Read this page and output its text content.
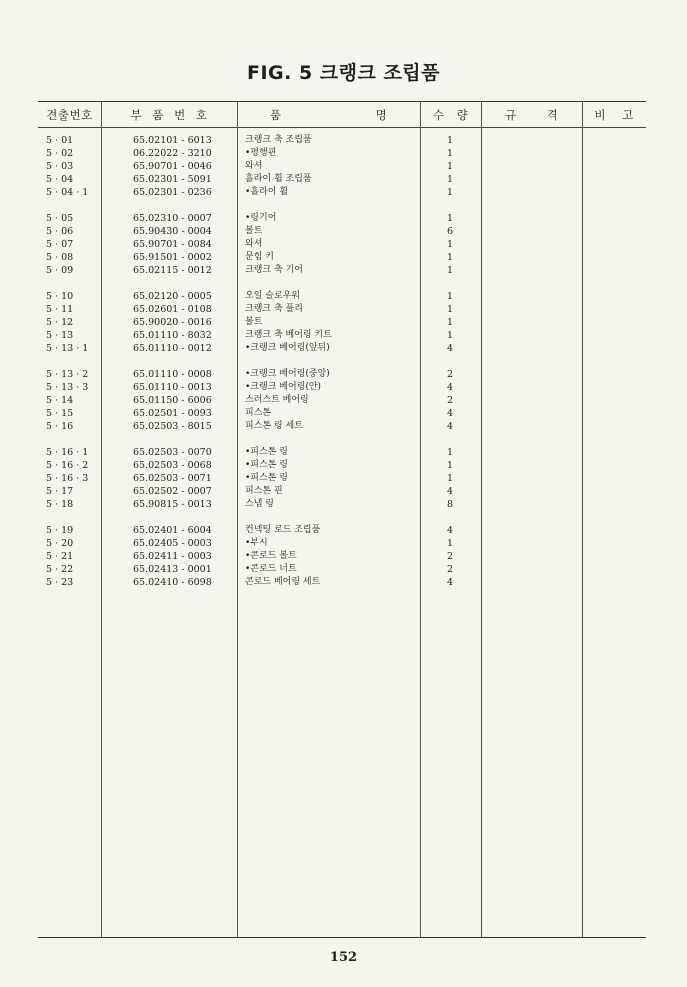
FIG. 5 크랭크 조립품
견출번호	부 품 번 호	품 명	수 량	규 격	비 고
5 · 01	65.02101 - 6013	크랭크 축 조립품	1
5 · 02	06.22022 - 3210	•평행핀	1
5 · 03	65.90701 - 0046	와셔	1
5 · 04	65.02301 - 5091	흘라이 휠 조립품	1
5 · 04 · 1	65.02301 - 0236	•흘라이 휠	1
5 · 05	65.02310 - 0007	•링기어	1
5 · 06	65.90430 - 0004	볼트	6
5 · 07	65.90701 - 0084	와셔	1
5 · 08	65.91501 - 0002	문힘 키	1
5 · 09	65.02115 - 0012	크랭크 축 기어	1
5 · 10	65.02120 - 0005	오일 슬로우워	1
5 · 11	65.02601 - 0108	크랭크 축 풀리	1
5 · 12	65.90020 - 0016	볼트	1
5 · 13	65.01110 - 8032	크랭크 축 베어링 키트	1
5 · 13 · 1	65.01110 - 0012	•크랭크 베어링(앞뒤)	4
5 · 13 · 2	65.01110 - 0008	•크랭크 베어링(중앙)	2
5 · 13 · 3	65.01110 - 0013	•크랭크 베어링(안)	4
5 · 14	65.01150 - 6006	스러스트 베어링	2
5 · 15	65.02501 - 0093	피스톤	4
5 · 16	65.02503 - 8015	피스톤 링 세트	4
5 · 16 · 1	65.02503 - 0070	•피스톤 링	1
5 · 16 · 2	65.02503 - 0068	•피스톤 링	1
5 · 16 · 3	65.02503 - 0071	•피스톤 링	1
5 · 17	65.02502 - 0007	피스톤 핀	4
5 · 18	65.90815 - 0013	스냅 링	8
5 · 19	65.02401 - 6004	컨넥팅 로드 조립품	4
5 · 20	65.02405 - 0003	•부시	1
5 · 21	65.02411 - 0003	•콘로드 볼트	2
5 · 22	65.02413 - 0001	•콘로드 너트	2
5 · 23	65.02410 - 6098	콘로드 베어링 세트	4
152
